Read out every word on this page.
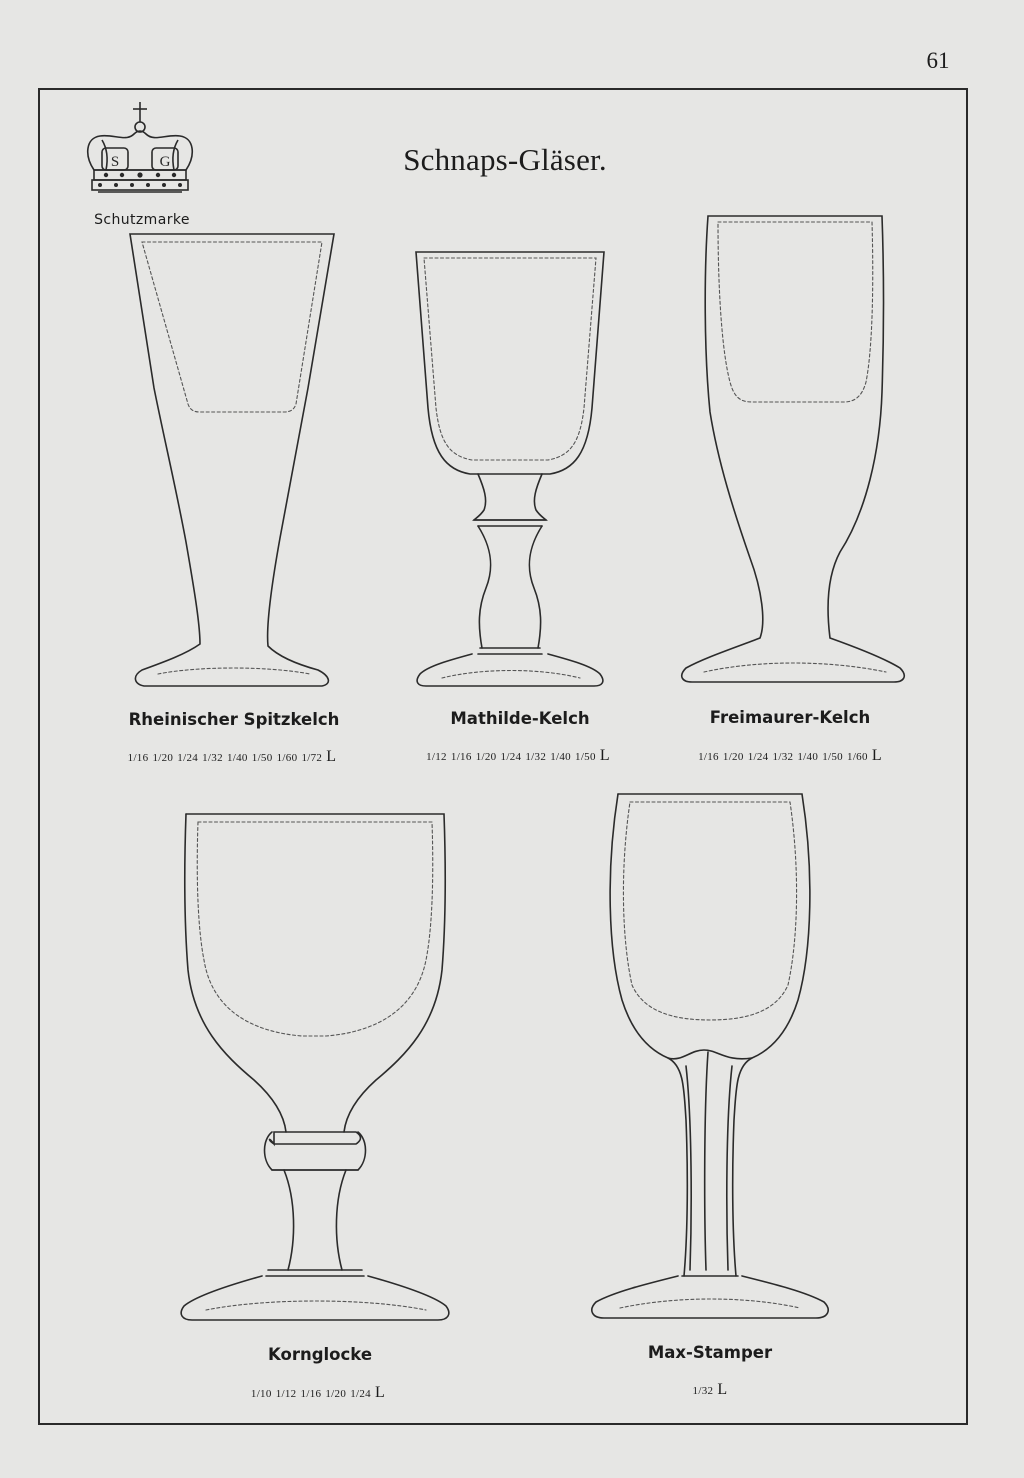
61
S	G
Schutzmarke
Schnaps-Gläser.
Rheinischer Spitzkelch
1/16 1/20 1/24 1/32 1/40 1/50 1/60 1/72 L
Mathilde-Kelch
1/12 1/16 1/20 1/24 1/32 1/40 1/50 L
Freimaurer-Kelch
1/16 1/20 1/24 1/32 1/40 1/50 1/60 L
Kornglocke
1/10 1/12 1/16 1/20 1/24 L
Max-Stamper
1/32 L
